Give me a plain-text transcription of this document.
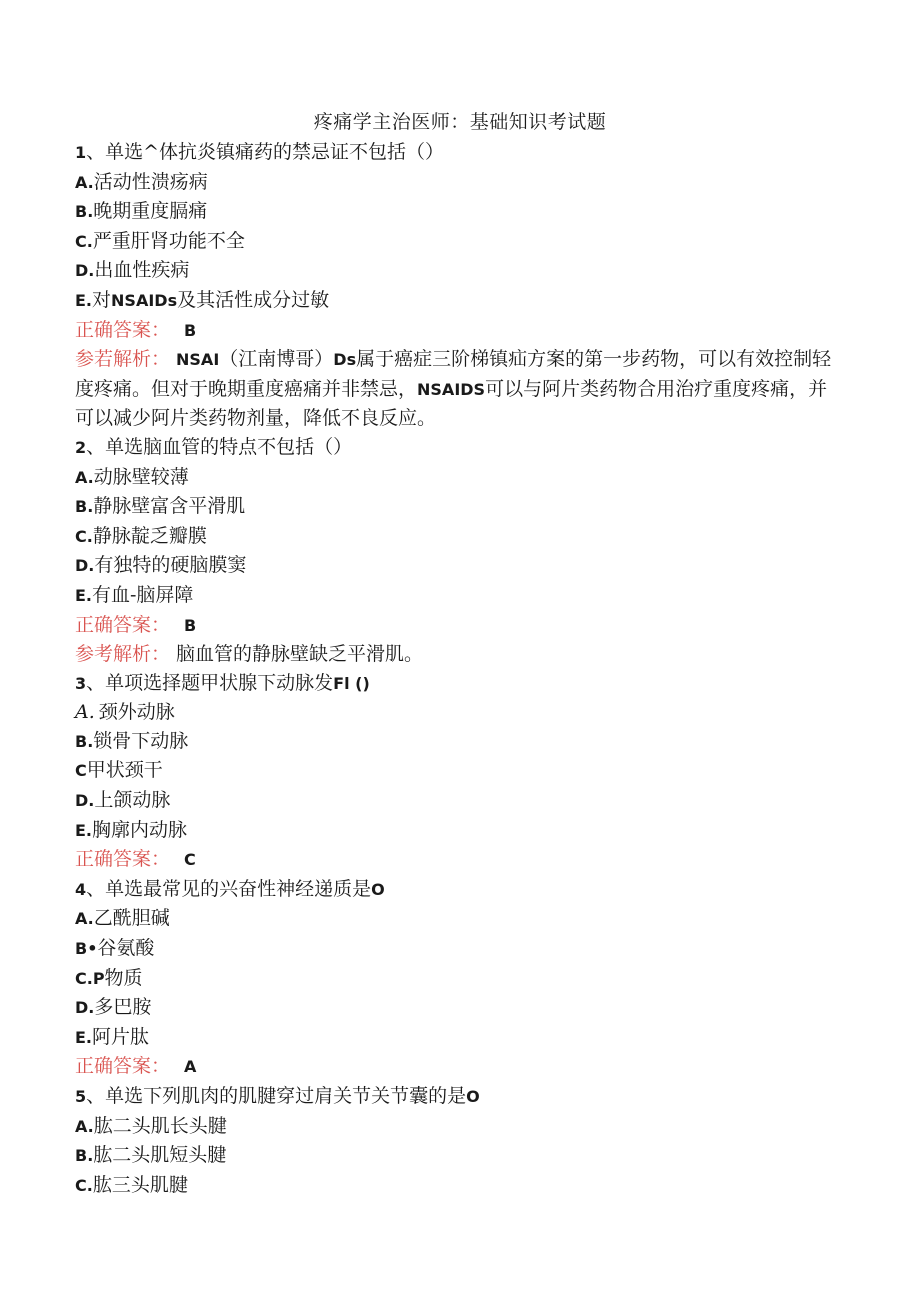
疼痛学主治医师：基础知识考试题
1、单选^体抗炎镇痛药的禁忌证不包括（）
A.活动性溃疡病
B.晚期重度膈痛
C.严重肝肾功能不全
D.出血性疾病
E.对NSAIDs及其活性成分过敏
正确答案： B
参若解析： NSAI（江南博哥）Ds属于癌症三阶梯镇疝方案的第一步药物，可以有效控制轻度疼痛。但对于晚期重度癌痛并非禁忌，NSAIDS可以与阿片类药物合用治疗重度疼痛，并可以减少阿片类药物剂量，降低不良反应。
2、单选脑血管的特点不包括（）
A.动脉壁较薄
B.静脉壁富含平滑肌
C.静脉靛乏瓣膜
D.有独特的硬脑膜窦
E.有血-脑屏障
正确答案： B
参考解析： 脑血管的静脉壁缺乏平滑肌。
3、单项选择题甲状腺下动脉发Fl ()
A. 颈外动脉
B.锁骨下动脉
C甲状颈干
D.上颌动脉
E.胸廓内动脉
正确答案： C
4、单选最常见的兴奋性神经递质是O
A.乙酰胆碱
B•谷氨酸
C.P物质
D.多巴胺
E.阿片肽
正确答案： A
5、单选下列肌肉的肌腱穿过肩关节关节囊的是O
A.肱二头肌长头腱
B.肱二头肌短头腱
C.肱三头肌腱
